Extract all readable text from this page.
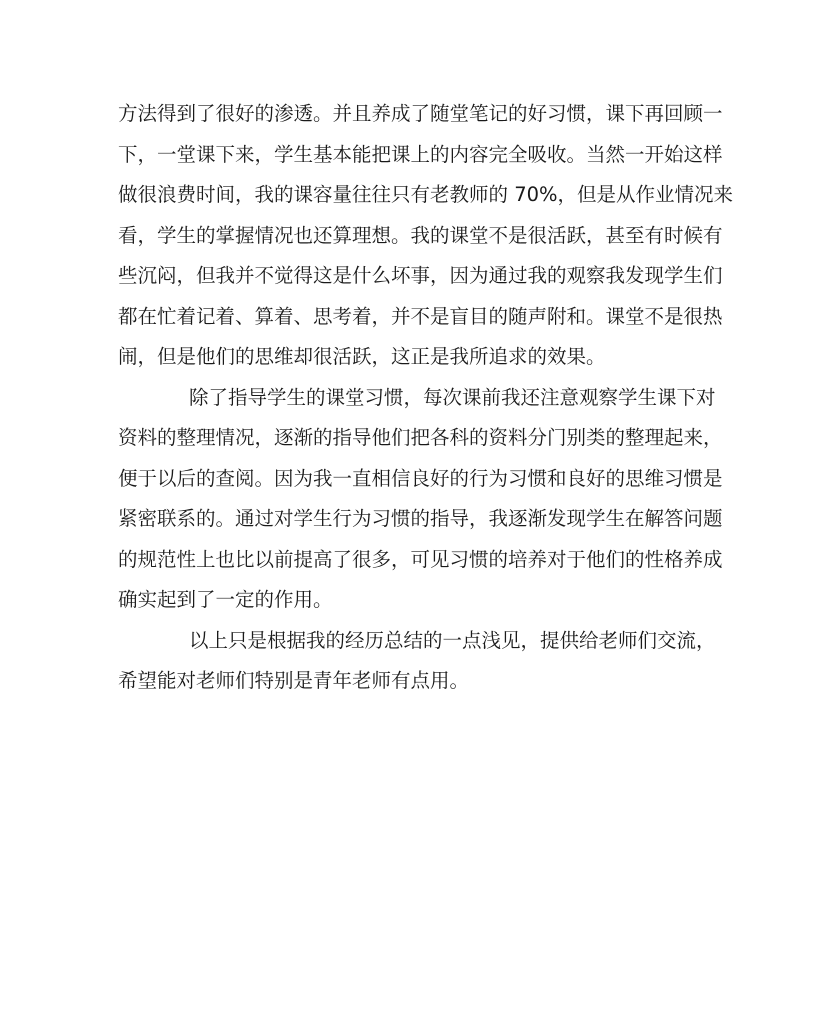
方法得到了很好的渗透。并且养成了随堂笔记的好习惯，课下再回顾一
下，一堂课下来，学生基本能把课上的内容完全吸收。当然一开始这样
做很浪费时间，我的课容量往往只有老教师的 70%，但是从作业情况来
看，学生的掌握情况也还算理想。我的课堂不是很活跃，甚至有时候有
些沉闷，但我并不觉得这是什么坏事，因为通过我的观察我发现学生们
都在忙着记着、算着、思考着，并不是盲目的随声附和。课堂不是很热
闹，但是他们的思维却很活跃，这正是我所追求的效果。
除了指导学生的课堂习惯，每次课前我还注意观察学生课下对
资料的整理情况，逐渐的指导他们把各科的资料分门别类的整理起来，
便于以后的查阅。因为我一直相信良好的行为习惯和良好的思维习惯是
紧密联系的。通过对学生行为习惯的指导，我逐渐发现学生在解答问题
的规范性上也比以前提高了很多，可见习惯的培养对于他们的性格养成
确实起到了一定的作用。
以上只是根据我的经历总结的一点浅见，提供给老师们交流，
希望能对老师们特别是青年老师有点用。
